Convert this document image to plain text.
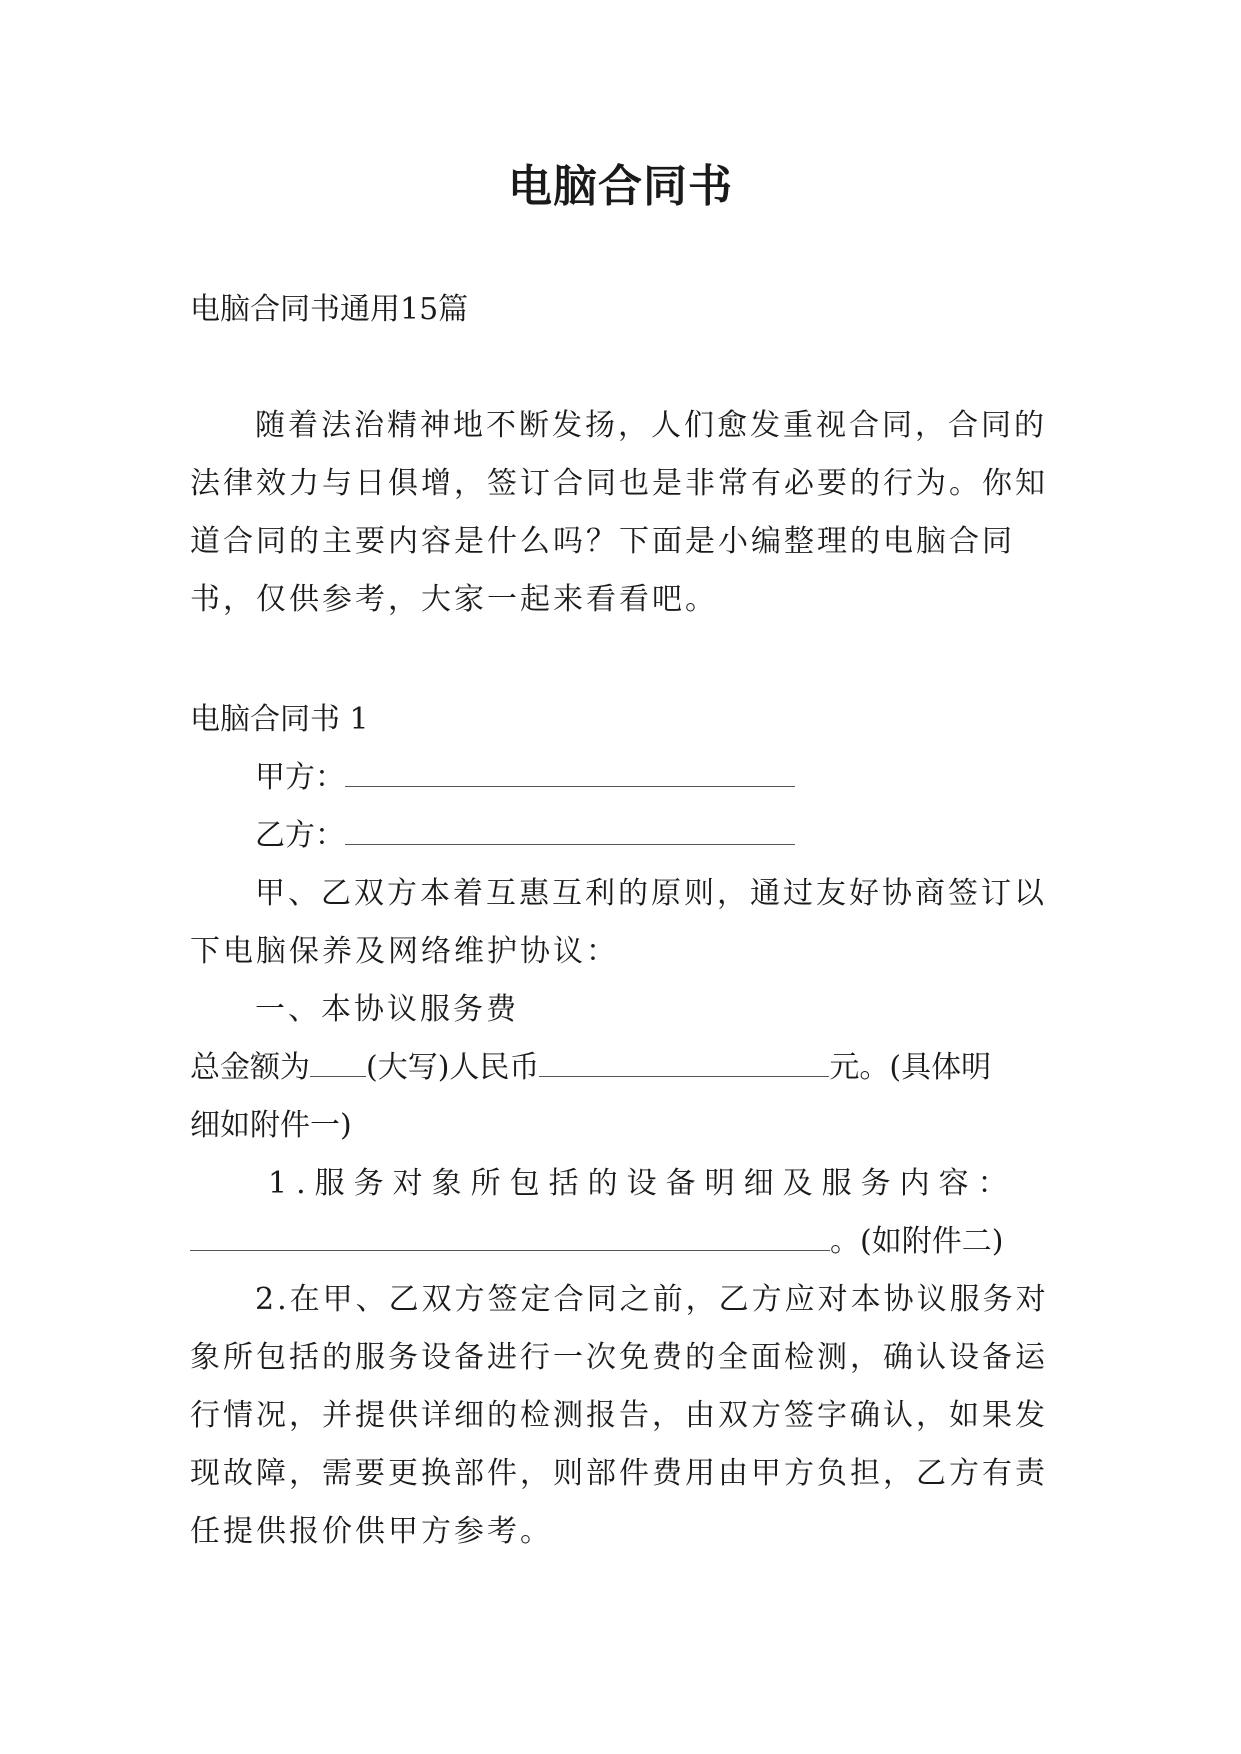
电脑合同书

电脑合同书通用15篇

随着法治精神地不断发扬，人们愈发重视合同，合同的

法律效力与日俱增，签订合同也是非常有必要的行为。你知

道合同的主要内容是什么吗？下面是小编整理的电脑合同

书，仅供参考，大家一起来看看吧。

电脑合同书 1

甲方：

乙方：

甲、乙双方本着互惠互利的原则，通过友好协商签订以

下电脑保养及网络维护协议：

一、本协议服务费

总金额为 (大写)人民币	元。(具体明

细如附件一)

1.服务对象所包括的设备明细及服务内容：

。(如附件二)

2.在甲、乙双方签定合同之前，乙方应对本协议服务对

象所包括的服务设备进行一次免费的全面检测，确认设备运

行情况，并提供详细的检测报告，由双方签字确认，如果发

现故障，需要更换部件，则部件费用由甲方负担，乙方有责

任提供报价供甲方参考。
